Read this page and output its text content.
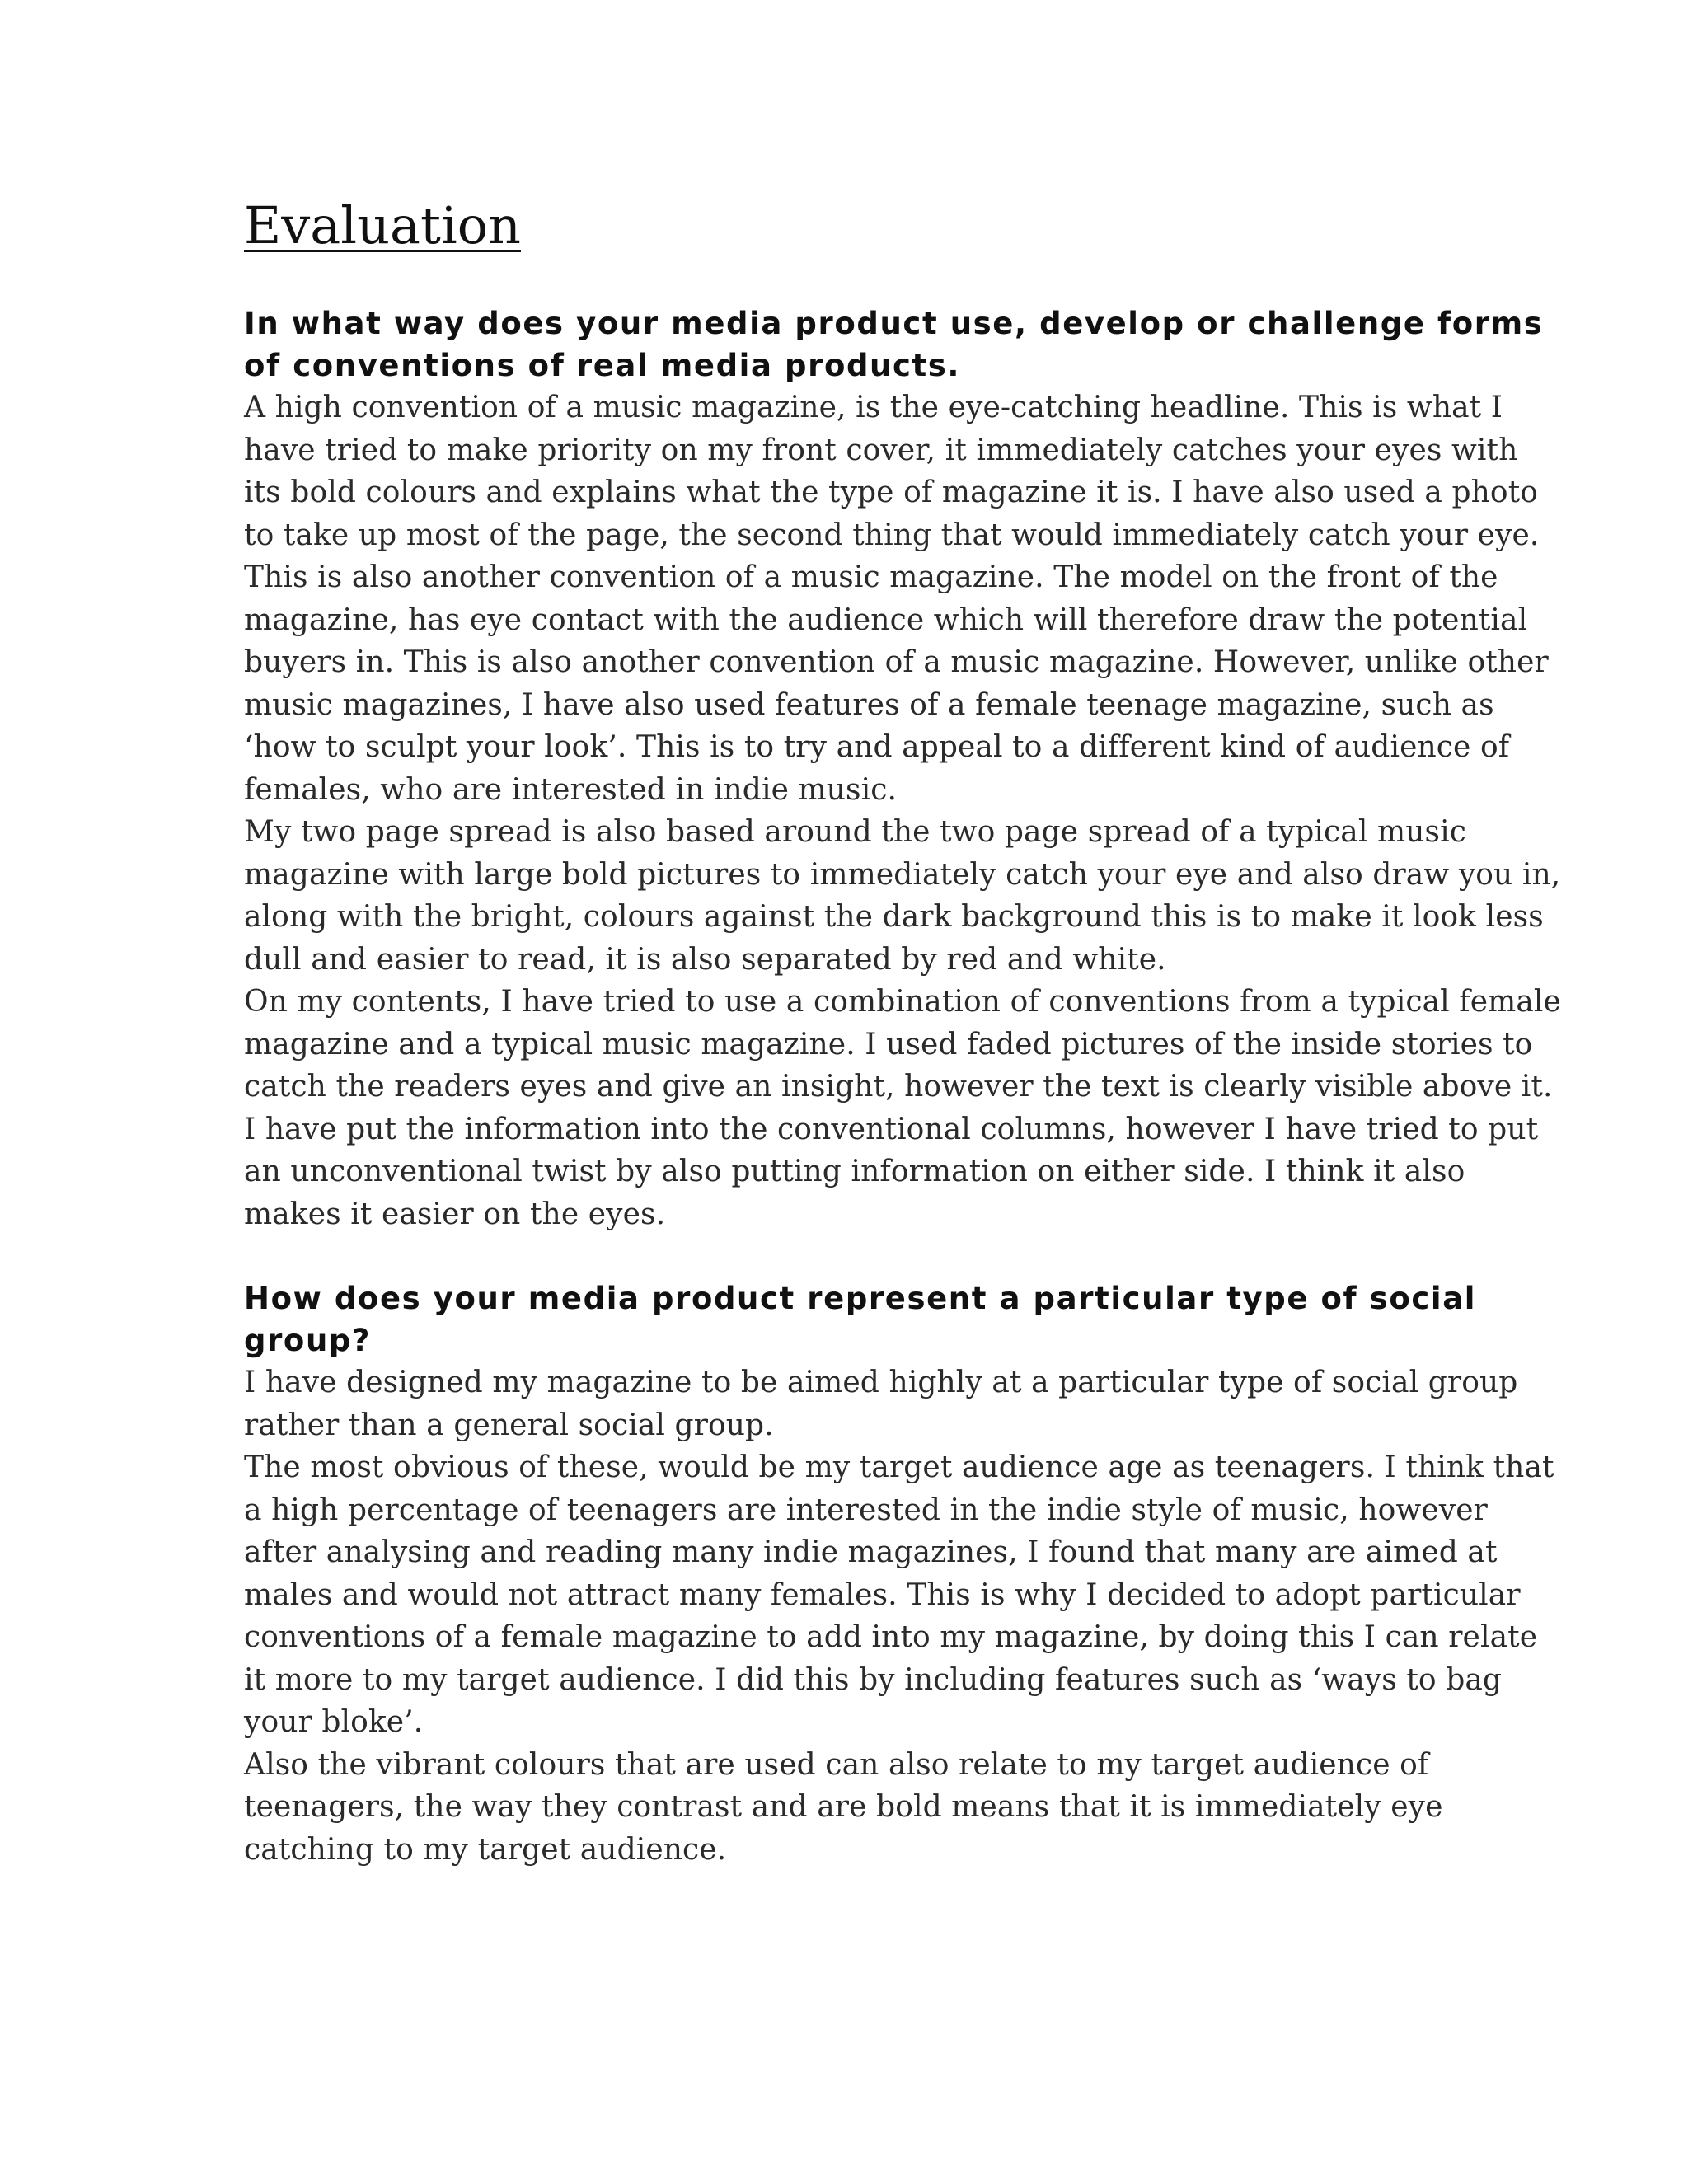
Evaluation
In what way does your media product use, develop or challenge forms of conventions of real media products.

A high convention of a music magazine, is the eye-catching headline. This is what I have tried to make priority on my front cover, it immediately catches your eyes with its bold colours and explains what the type of magazine it is. I have also used a photo to take up most of the page, the second thing that would immediately catch your eye. This is also another convention of a music magazine. The model on the front of the magazine, has eye contact with the audience which will therefore draw the potential buyers in. This is also another convention of a music magazine. However, unlike other music magazines, I have also used features of a female teenage magazine, such as ‘how to sculpt your look’. This is to try and appeal to a different kind of audience of females, who are interested in indie music.

My two page spread is also based around the two page spread of a typical music magazine with large bold pictures to immediately catch your eye and also draw you in, along with the bright, colours against the dark background this is to make it look less dull and easier to read, it is also separated by red and white.

On my contents, I have tried to use a combination of conventions from a typical female magazine and a typical music magazine. I used faded pictures of the inside stories to catch the readers eyes and give an insight, however the text is clearly visible above it. I have put the information into the conventional columns, however I have tried to put an unconventional twist by also putting information on either side. I think it also makes it easier on the eyes.

How does your media product represent a particular type of social group?

I have designed my magazine to be aimed highly at a particular type of social group rather than a general social group.

The most obvious of these, would be my target audience age as teenagers. I think that a high percentage of teenagers are interested in the indie style of music, however after analysing and reading many indie magazines, I found that many are aimed at males and would not attract many females. This is why I decided to adopt particular conventions of a female magazine to add into my magazine, by doing this I can relate it more to my target audience. I did this by including features such as ‘ways to bag your bloke’.

Also the vibrant colours that are used can also relate to my target audience of teenagers, the way they contrast and are bold means that it is immediately eye catching to my target audience.
